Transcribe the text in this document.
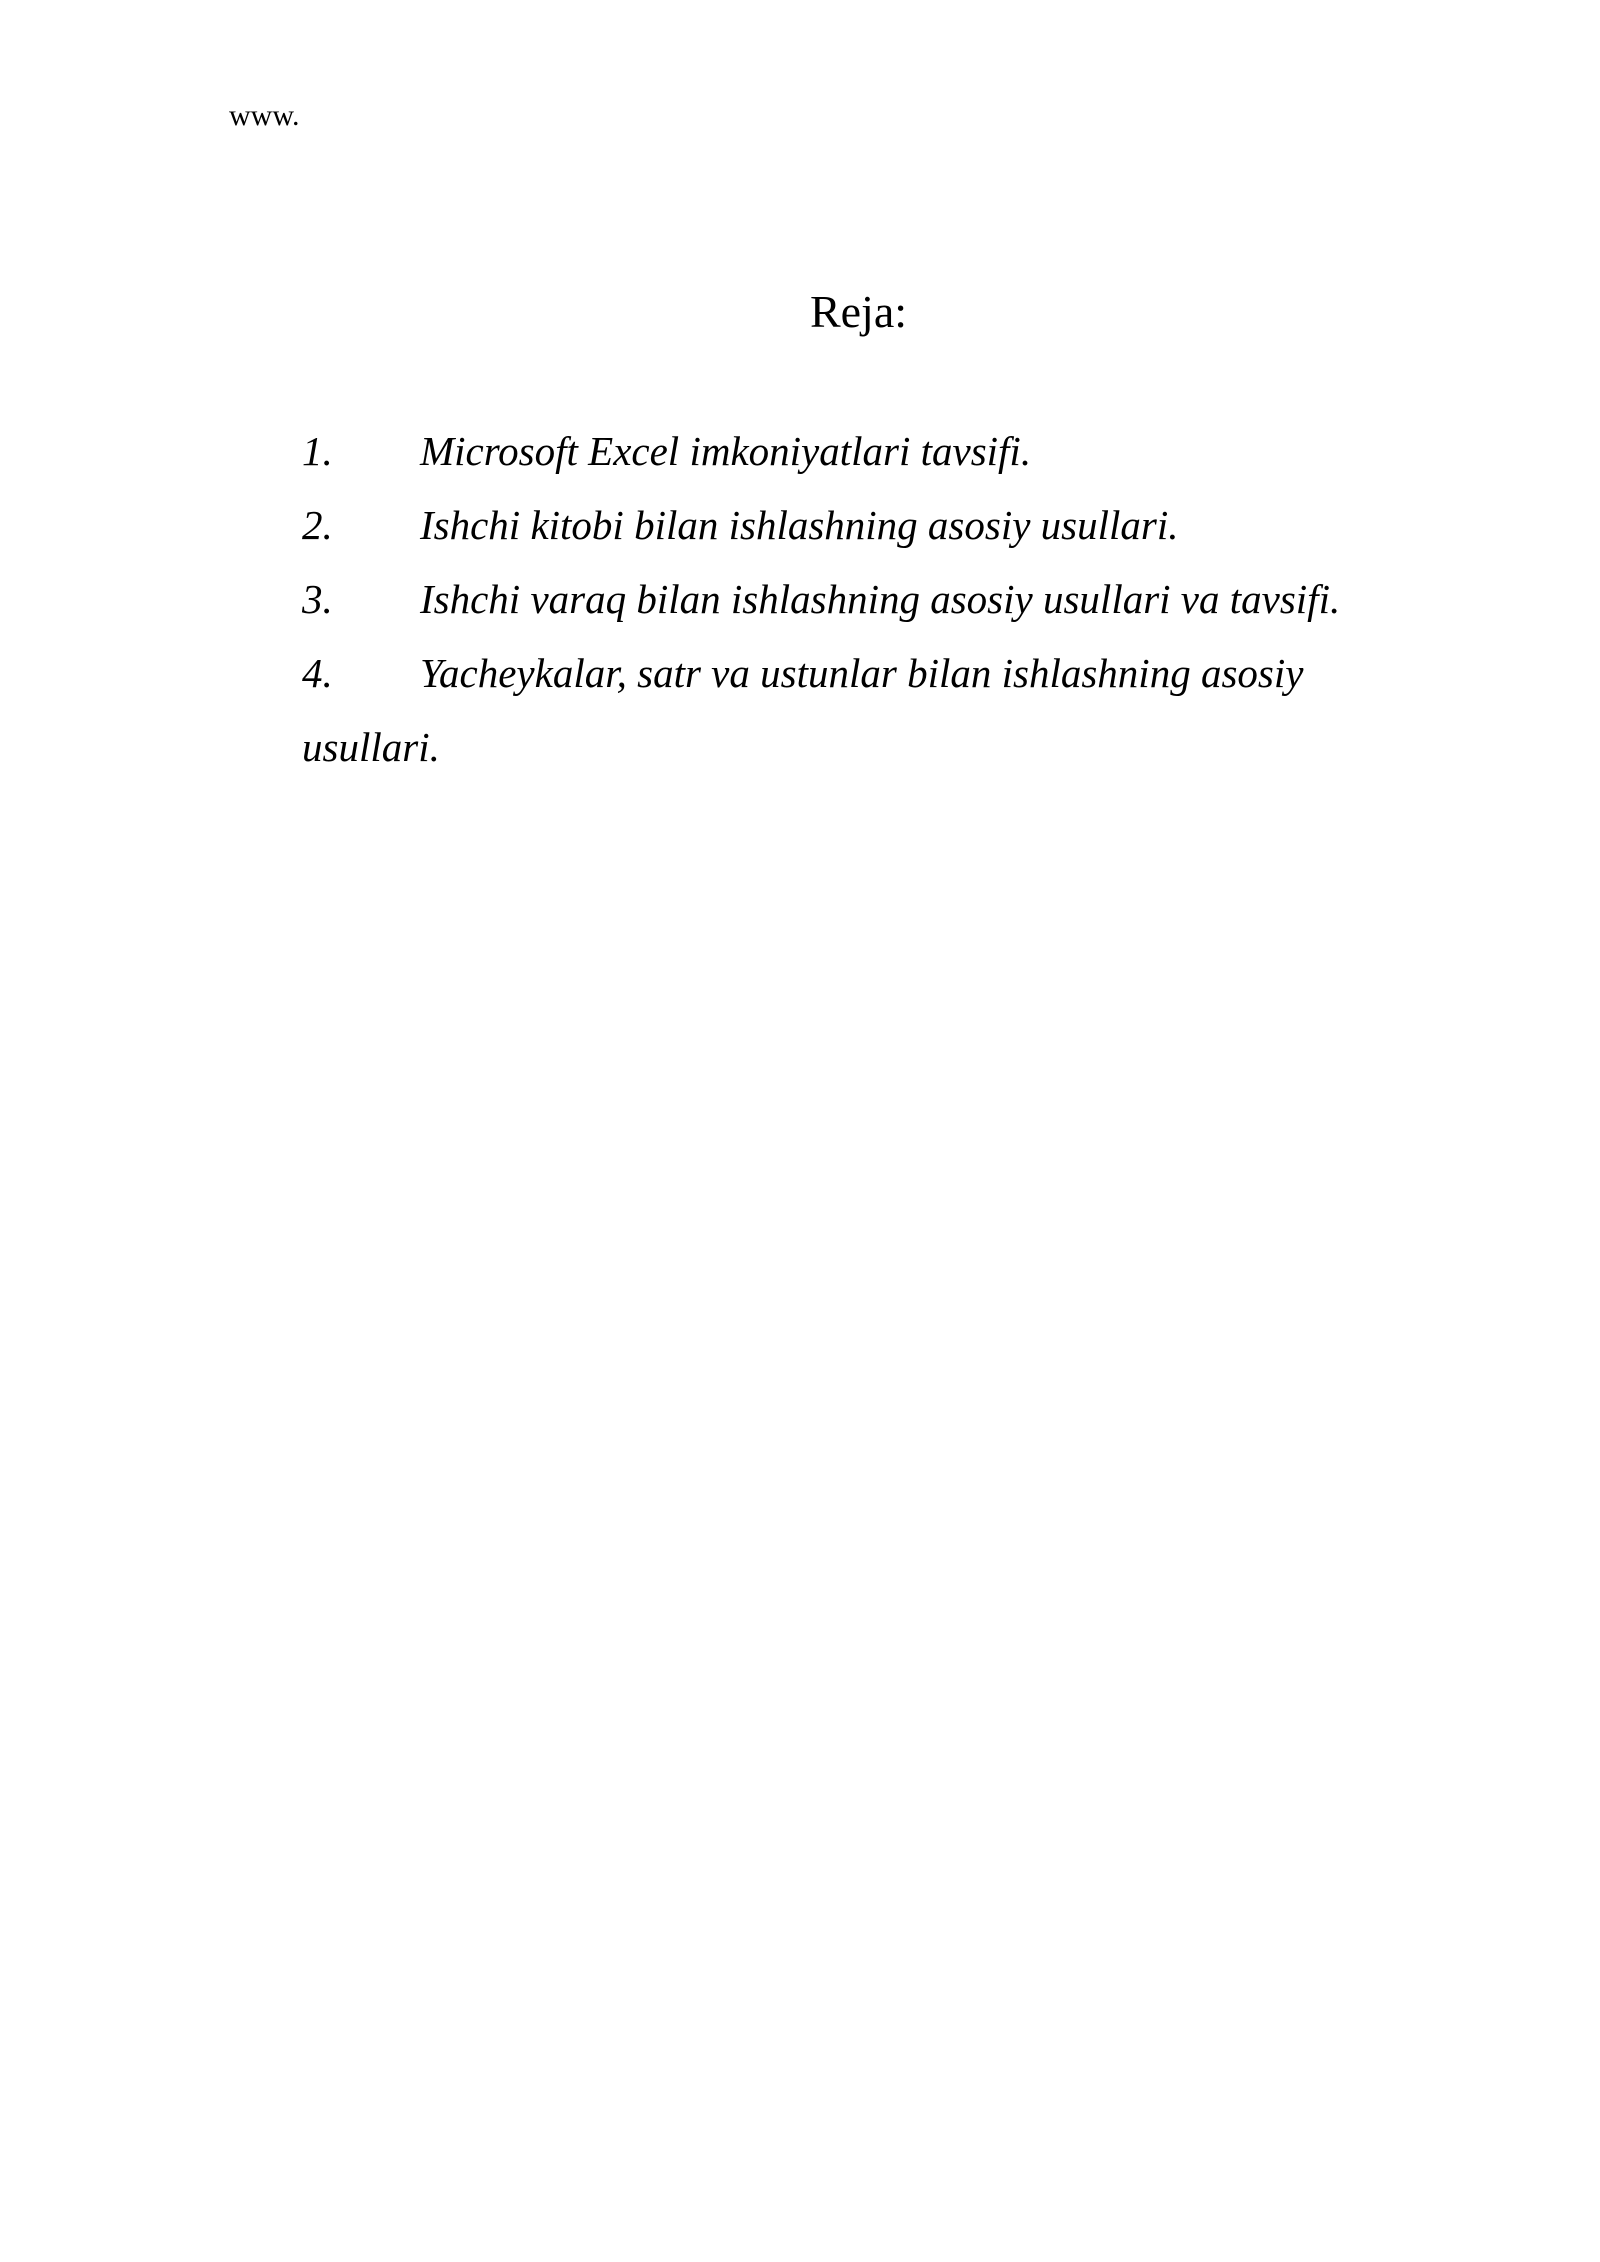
www.
Reja:
1. Microsoft Excel imkoniyatlari tavsifi.
2. Ishchi kitobi bilan ishlashning asosiy usullari.
3. Ishchi varaq bilan ishlashning asosiy usullari va tavsifi.
4. Yacheykalar, satr va ustunlar bilan ishlashning asosiy usullari.
